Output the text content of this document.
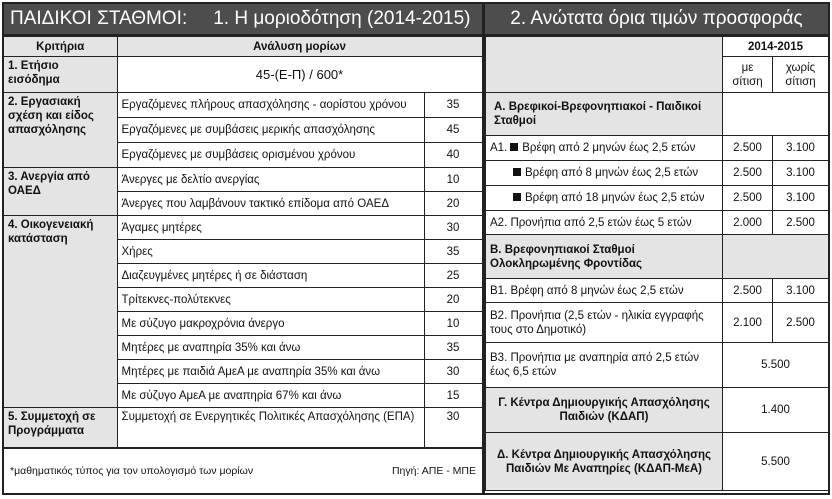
ΠΑΙΔΙΚΟΙ ΣΤΑΘΜΟΙ: 1. Η μοριοδότηση (2014-2015)
Κριτήρια	Ανάλυση μορίων	
1. Ετήσιο εισόδημα	45-(Ε-Π) / 600*	
2. Εργασιακή σχέση και είδος απασχόλησης	Εργαζόμενες πλήρους απασχόλησης - αορίστου χρόνου	35
	Εργαζόμενες με συμβάσεις μερικής απασχόλησης	45
	Εργαζόμενες με συμβάσεις ορισμένου χρόνου	40
3. Ανεργία από ΟΑΕΔ	Άνεργες με δελτίο ανεργίας	10
	Άνεργες που λαμβάνουν τακτικό επίδομα από ΟΑΕΔ	20
4. Οικογενειακή κατάσταση	Άγαμες μητέρες	30
	Χήρες	35
	Διαζευγμένες μητέρες ή σε διάσταση	25
	Τρίτεκνες-πολύτεκνες	20
	Με σύζυγο μακροχρόνια άνεργο	10
	Μητέρες με αναπηρία 35% και άνω	35
	Μητέρες με παιδιά ΑμεΑ με αναπηρία 35% και άνω	30
	Με σύζυγο ΑμεΑ με αναπηρία 67% και άνω	15
5. Συμμετοχή σε Προγράμματα	Συμμετοχή σε Ενεργητικές Πολιτικές Απασχόλησης (ΕΠΑ)	30
*μαθηματικός τύπος για τον υπολογισμό των μορίων	Πηγή: ΑΠΕ - ΜΠΕ
2. Ανώτατα όρια τιμών προσφοράς
	2014-2015	
	με σίτιση	χωρίς σίτιση
Α. Βρεφικοί-Βρεφονηπιακοί - Παιδικοί Σταθμοί		
Α1. Βρέφη από 2 μηνών έως 2,5 ετών	2.500	3.100
Βρέφη από 8 μηνών έως 2,5 ετών	2.500	3.100
Βρέφη από 18 μηνών έως 2,5 ετών	2.500	3.100
Α2. Προνήπια από 2,5 ετών έως 5 ετών	2.000	2.500
Β. Βρεφονηπιακοί Σταθμοί Ολοκληρωμένης Φροντίδας		
Β1. Βρέφη από 8 μηνών έως 2,5 ετών	2.500	3.100
Β2. Προνήπια (2,5 ετών - ηλικία εγγραφής τους στο Δημοτικό)	2.100	2.500
Β3. Προνήπια με αναπηρία από 2,5 ετών έως 6,5 ετών	5.500	
Γ. Κέντρα Δημιουργικής Απασχόλησης Παιδιών (ΚΔΑΠ)	1.400	
Δ. Κέντρα Δημιουργικής Απασχόλησης Παιδιών Με Αναπηρίες (ΚΔΑΠ-ΜεΑ)	5.500	
